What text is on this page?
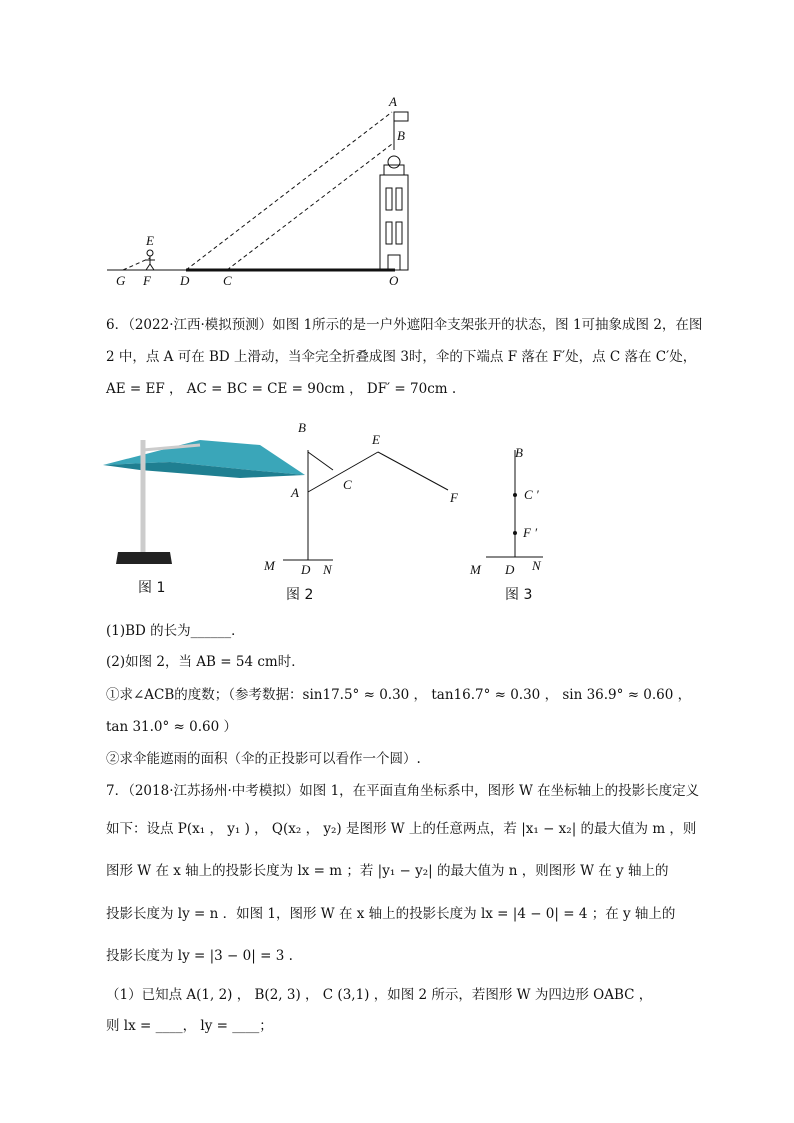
A
B
E
G F D	C	O
图 1
B
A
C
E
F
M D N
图 2
B
C ′
F ′
M D N
图 3
6．（2022·江西·模拟预测）如图 1所示的是一户外遮阳伞支架张开的状态，图 1可抽象成图 2，在图
2 中，点 A 可在 BD 上滑动，当伞完全折叠成图 3时，伞的下端点 F 落在 F′处，点 C 落在 C′处，
AE = EF ， AC = BC = CE = 90cm ， DF′ = 70cm .
(1)BD 的长为______．
(2)如图 2，当 AB = 54 cm时．
①求∠ACB的度数；（参考数据：sin17.5° ≈ 0.30 ， tan16.7° ≈ 0.30 ， sin 36.9° ≈ 0.60 ，
tan 31.0° ≈ 0.60 ）
②求伞能遮雨的面积（伞的正投影可以看作一个圆）.
7．（2018·江苏扬州·中考模拟）如图 1，在平面直角坐标系中，图形 W 在坐标轴上的投影长度定义
如下：设点 P(x₁ ， y₁ ) ， Q(x₂ ， y₂) 是图形 W 上的任意两点，若 |x₁ − x₂| 的最大值为 m ，则
图形 W 在 x 轴上的投影长度为 lx = m ；若 |y₁ − y₂| 的最大值为 n ，则图形 W 在 y 轴上的
投影长度为 ly = n ．如图 1，图形 W 在 x 轴上的投影长度为 lx = |4 − 0| = 4 ；在 y 轴上的
投影长度为 ly = |3 − 0| = 3 .
（1）已知点 A(1, 2) ， B(2, 3) ， C (3,1) ，如图 2 所示，若图形 W 为四边形 OABC ，
则 lx = ____， ly = ____；
